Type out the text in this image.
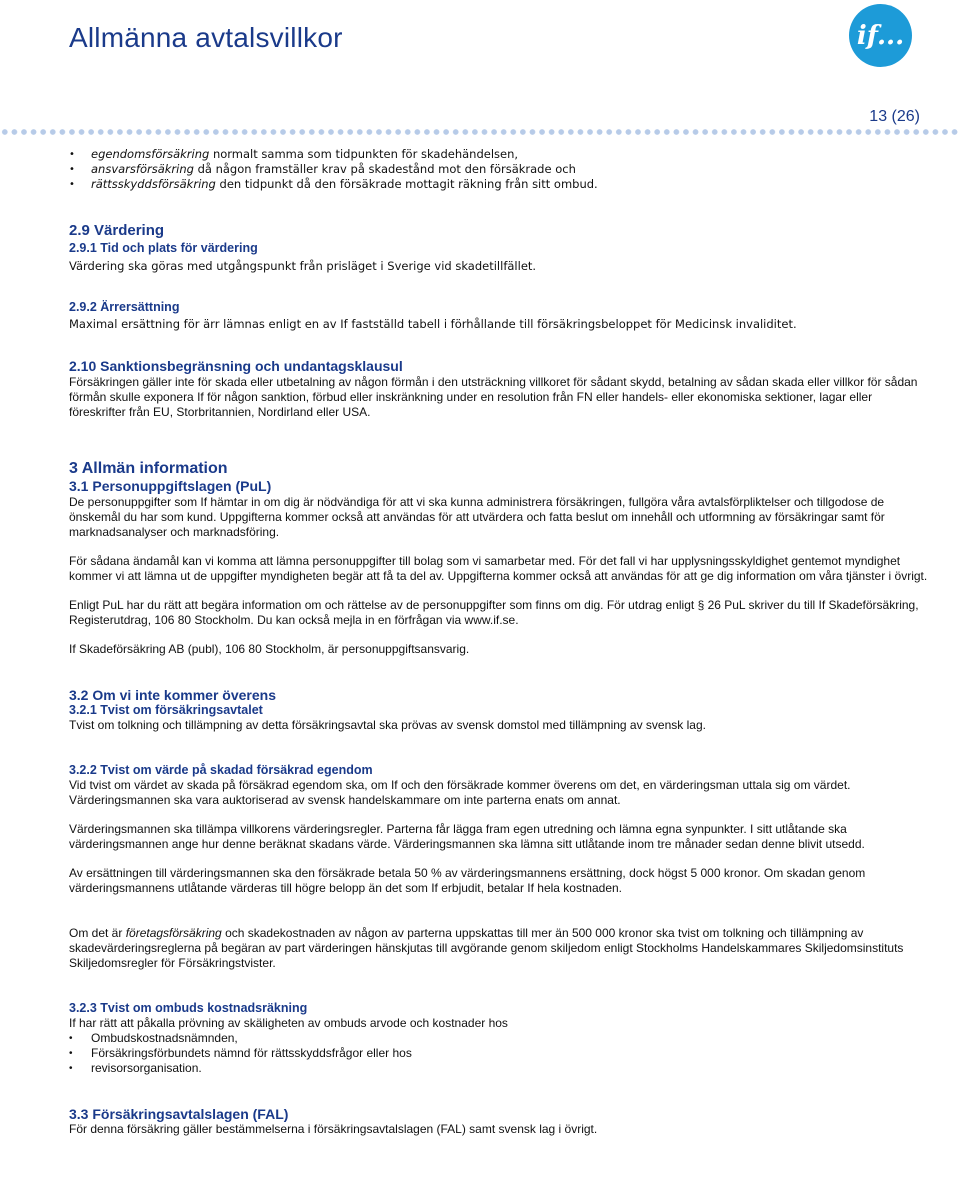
Allmänna avtalsvillkor	if...
13 (26)
• egendomsförsäkring normalt samma som tidpunkten för skadehändelsen,
• ansvarsförsäkring då någon framställer krav på skadestånd mot den försäkrade och
• rättsskyddsförsäkring den tidpunkt då den försäkrade mottagit räkning från sitt ombud.
2.9 Värdering
2.9.1 Tid och plats för värdering

Värdering ska göras med utgångspunkt från prisläget i Sverige vid skadetillfället.

2.9.2 Ärrersättning

Maximal ersättning för ärr lämnas enligt en av If fastställd tabell i förhållande till försäkringsbeloppet för Medicinsk invaliditet.

2.10 Sanktionsbegränsning och undantagsklausul

Försäkringen gäller inte för skada eller utbetalning av någon förmån i den utsträckning villkoret för sådant skydd, betalning av sådan skada eller villkor för sådan förmån skulle exponera If för någon sanktion, förbud eller inskränkning under en resolution från FN eller handels- eller ekonomiska sektioner, lagar eller föreskrifter från EU, Storbritannien, Nordirland eller USA.

3 Allmän information
3.1 Personuppgiftslagen (PuL)

De personuppgifter som If hämtar in om dig är nödvändiga för att vi ska kunna administrera försäkringen, fullgöra våra avtalsförpliktelser och tillgodose de önskemål du har som kund. Uppgifterna kommer också att användas för att utvärdera och fatta beslut om innehåll och utformning av försäkringar samt för marknadsanalyser och marknadsföring.

För sådana ändamål kan vi komma att lämna personuppgifter till bolag som vi samarbetar med. För det fall vi har upplysningsskyldighet gentemot myndighet kommer vi att lämna ut de uppgifter myndigheten begär att få ta del av. Uppgifterna kommer också att användas för att ge dig information om våra tjänster i övrigt.

Enligt PuL har du rätt att begära information om och rättelse av de personuppgifter som finns om dig. För utdrag enligt § 26 PuL skriver du till If Skadeförsäkring, Registerutdrag, 106 80 Stockholm. Du kan också mejla in en förfrågan via www.if.se.

If Skadeförsäkring AB (publ), 106 80 Stockholm, är personuppgiftsansvarig.

3.2 Om vi inte kommer överens
3.2.1 Tvist om försäkringsavtalet

Tvist om tolkning och tillämpning av detta försäkringsavtal ska prövas av svensk domstol med tillämpning av svensk lag.

3.2.2 Tvist om värde på skadad försäkrad egendom

Vid tvist om värdet av skada på försäkrad egendom ska, om If och den försäkrade kommer överens om det, en värderingsman uttala sig om värdet. Värderingsmannen ska vara auktoriserad av svensk handelskammare om inte parterna enats om annat.

Värderingsmannen ska tillämpa villkorens värderingsregler. Parterna får lägga fram egen utredning och lämna egna synpunkter. I sitt utlåtande ska värderingsmannen ange hur denne beräknat skadans värde. Värderingsmannen ska lämna sitt utlåtande inom tre månader sedan denne blivit utsedd.

Av ersättningen till värderingsmannen ska den försäkrade betala 50 % av värderingsmannens ersättning, dock högst 5 000 kronor. Om skadan genom värderingsmannens utlåtande värderas till högre belopp än det som If erbjudit, betalar If hela kostnaden.

Om det är företagsförsäkring och skadekostnaden av någon av parterna uppskattas till mer än 500 000 kronor ska tvist om tolkning och tillämpning av skadevärderingsreglerna på begäran av part värderingen hänskjutas till avgörande genom skiljedom enligt Stockholms Handelskammares Skiljedomsinstituts Skiljedomsregler för Försäkringstvister.

3.2.3 Tvist om ombuds kostnadsräkning

If har rätt att påkalla prövning av skäligheten av ombuds arvode och kostnader hos

• Ombudskostnadsnämnden,
• Försäkringsförbundets nämnd för rättsskyddsfrågor eller hos
• revisorsorganisation.
3.3 Försäkringsavtalslagen (FAL)

För denna försäkring gäller bestämmelserna i försäkringsavtalslagen (FAL) samt svensk lag i övrigt.
